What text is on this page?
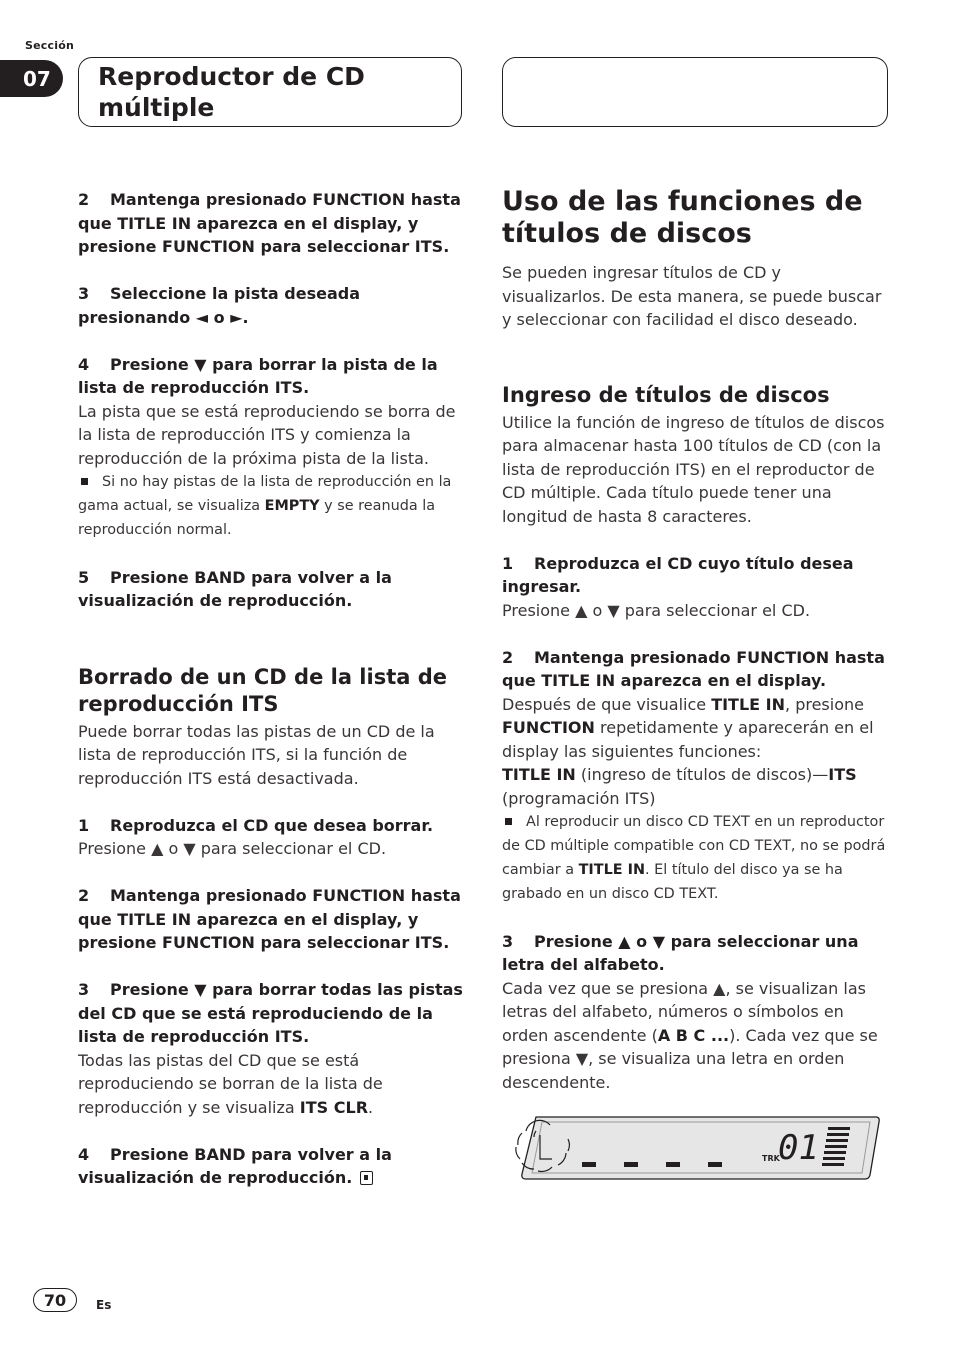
Sección
07	Reproductor de CD múltiple

2 Mantenga presionado FUNCTION hasta que TITLE IN aparezca en el display, y presione FUNCTION para seleccionar ITS.

3 Seleccione la pista deseada presionando ◄ o ►.

4 Presione ▼ para borrar la pista de la lista de reproducción ITS.

La pista que se está reproduciendo se borra de la lista de reproducción ITS y comienza la reproducción de la próxima pista de la lista.

Si no hay pistas de la lista de reproducción en la gama actual, se visualiza EMPTY y se reanuda la reproducción normal.

5 Presione BAND para volver a la visualización de reproducción.

Borrado de un CD de la lista de reproducción ITS

Puede borrar todas las pistas de un CD de la lista de reproducción ITS, si la función de reproducción ITS está desactivada.

1 Reproduzca el CD que desea borrar.

Presione ▲ o ▼ para seleccionar el CD.

2 Mantenga presionado FUNCTION hasta que TITLE IN aparezca en el display, y presione FUNCTION para seleccionar ITS.

3 Presione ▼ para borrar todas las pistas del CD que se está reproduciendo de la lista de reproducción ITS.

Todas las pistas del CD que se está reproduciendo se borran de la lista de reproducción y se visualiza ITS CLR.

4 Presione BAND para volver a la visualización de reproducción.

Uso de las funciones de títulos de discos

Se pueden ingresar títulos de CD y visualizarlos. De esta manera, se puede buscar y seleccionar con facilidad el disco deseado.

Ingreso de títulos de discos

Utilice la función de ingreso de títulos de discos para almacenar hasta 100 títulos de CD (con la lista de reproducción ITS) en el reproductor de CD múltiple. Cada título puede tener una longitud de hasta 8 caracteres.

1 Reproduzca el CD cuyo título desea ingresar.

Presione ▲ o ▼ para seleccionar el CD.

2 Mantenga presionado FUNCTION hasta que TITLE IN aparezca en el display.

Después de que visualice TITLE IN, presione FUNCTION repetidamente y aparecerán en el display las siguientes funciones:

TITLE IN (ingreso de títulos de discos)—ITS (programación ITS)

Al reproducir un disco CD TEXT en un reproductor de CD múltiple compatible con CD TEXT, no se podrá cambiar a TITLE IN. El título del disco ya se ha grabado en un disco CD TEXT.

3 Presione ▲ o ▼ para seleccionar una letra del alfabeto.

Cada vez que se presiona ▲, se visualizan las letras del alfabeto, números o símbolos en orden ascendente (A B C ...). Cada vez que se presiona ▼, se visualiza una letra en orden descendente.

TRK
01
70	Es
